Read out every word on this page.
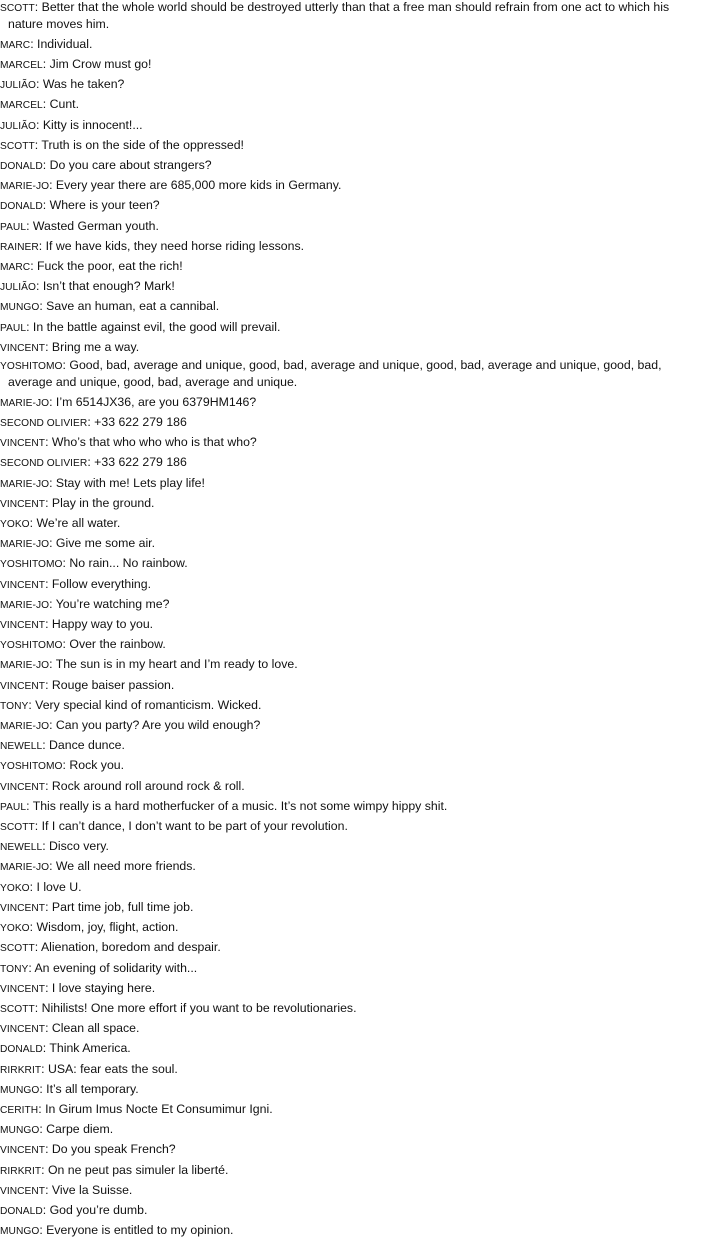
SCOTT: Better that the whole world should be destroyed utterly than that a free man should refrain from one act to which his nature moves him.

MARC: Individual.

MARCEL: Jim Crow must go!

JULIÃO: Was he taken?

MARCEL: Cunt.

JULIÃO: Kitty is innocent!...

SCOTT: Truth is on the side of the oppressed!

DONALD: Do you care about strangers?

MARIE-JO: Every year there are 685,000 more kids in Germany.

DONALD: Where is your teen?

PAUL: Wasted German youth.

RAINER: If we have kids, they need horse riding lessons.

MARC: Fuck the poor, eat the rich!

JULIÃO: Isn’t that enough? Mark!

MUNGO: Save an human, eat a cannibal.

PAUL: In the battle against evil, the good will prevail.

VINCENT: Bring me a way.

YOSHITOMO: Good, bad, average and unique, good, bad, average and unique, good, bad, average and unique, good, bad, average and unique, good, bad, average and unique.

MARIE-JO: I’m 6514JX36, are you 6379HM146?

SECOND OLIVIER: +33 622 279 186

VINCENT: Who’s that who who who is that who?

SECOND OLIVIER: +33 622 279 186

MARIE-JO: Stay with me! Lets play life!

VINCENT: Play in the ground.

YOKO: We’re all water.

MARIE-JO: Give me some air.

YOSHITOMO: No rain... No rainbow.

VINCENT: Follow everything.

MARIE-JO: You’re watching me?

VINCENT: Happy way to you.

YOSHITOMO: Over the rainbow.

MARIE-JO: The sun is in my heart and I’m ready to love.

VINCENT: Rouge baiser passion.

TONY: Very special kind of romanticism. Wicked.

MARIE-JO: Can you party? Are you wild enough?

NEWELL: Dance dunce.

YOSHITOMO: Rock you.

VINCENT: Rock around roll around rock & roll.

PAUL: This really is a hard motherfucker of a music. It’s not some wimpy hippy shit.

SCOTT: If I can’t dance, I don’t want to be part of your revolution.

NEWELL: Disco very.

MARIE-JO: We all need more friends.

YOKO: I love U.

VINCENT: Part time job, full time job.

YOKO: Wisdom, joy, flight, action.

SCOTT: Alienation, boredom and despair.

TONY: An evening of solidarity with...

VINCENT: I love staying here.

SCOTT: Nihilists! One more effort if you want to be revolutionaries.

VINCENT: Clean all space.

DONALD: Think America.

RIRKRIT: USA: fear eats the soul.

MUNGO: It’s all temporary.

CERITH: In Girum Imus Nocte Et Consumimur Igni.

MUNGO: Carpe diem.

VINCENT: Do you speak French?

RIRKRIT: On ne peut pas simuler la liberté.

VINCENT: Vive la Suisse.

DONALD: God you’re dumb.

MUNGO: Everyone is entitled to my opinion.
